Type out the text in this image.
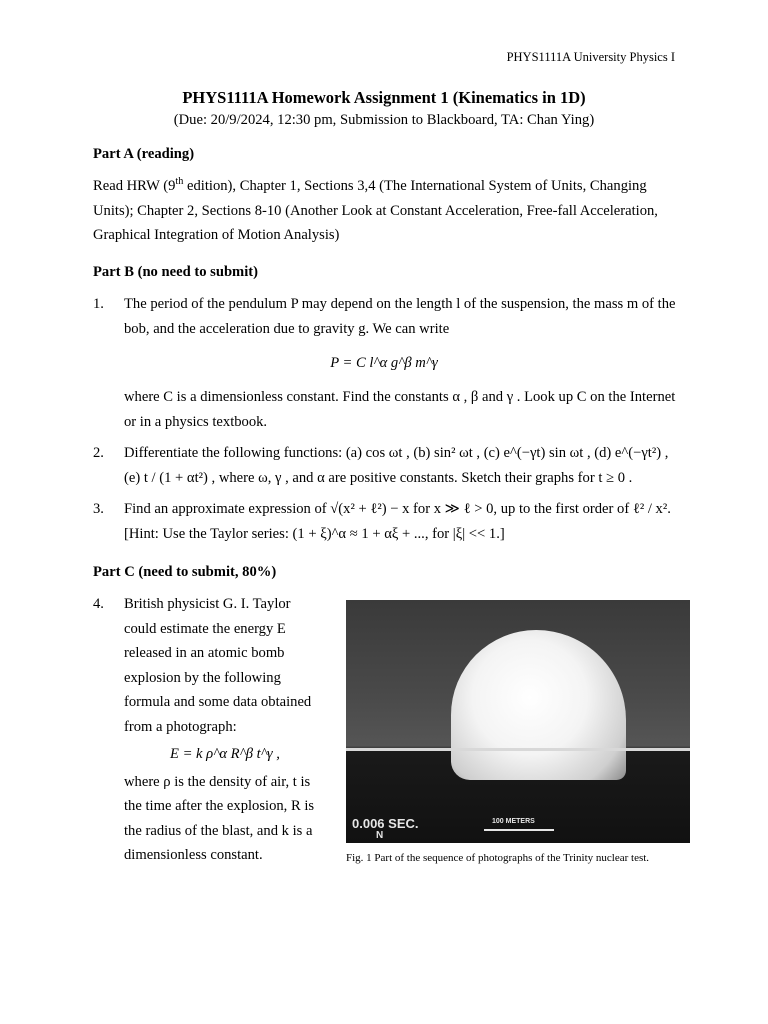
PHYS1111A University Physics I
PHYS1111A Homework Assignment 1 (Kinematics in 1D)
(Due: 20/9/2024, 12:30 pm, Submission to Blackboard, TA: Chan Ying)
Part A (reading)
Read HRW (9th edition), Chapter 1, Sections 3,4 (The International System of Units, Changing Units); Chapter 2, Sections 8-10 (Another Look at Constant Acceleration, Free-fall Acceleration, Graphical Integration of Motion Analysis)
Part B (no need to submit)
1. The period of the pendulum P may depend on the length l of the suspension, the mass m of the bob, and the acceleration due to gravity g. We can write
P = C l^α g^β m^γ
where C is a dimensionless constant. Find the constants α , β and γ . Look up C on the Internet or in a physics textbook.
2. Differentiate the following functions: (a) cos ωt , (b) sin² ωt , (c) e^(−γt) sin ωt , (d) e^(−γt²) , (e) t / (1 + αt²) , where ω, γ , and α are positive constants. Sketch their graphs for t ≥ 0 .
3. Find an approximate expression of √(x² + ℓ²) − x for x ≫ ℓ > 0, up to the first order of ℓ² / x². [Hint: Use the Taylor series: (1 + ξ)^α ≈ 1 + αξ + ..., for |ξ| << 1.]
Part C (need to submit, 80%)
4. British physicist G. I. Taylor
could estimate the energy E
released in an atomic bomb
explosion by the following
formula and some data obtained
from a photograph:
E = k ρ^α R^β t^γ ,
where ρ is the density of air, t is
the time after the explosion, R is
the radius of the blast, and k is a
dimensionless constant.
0.006 SEC.
N
100 METERS
Fig. 1 Part of the sequence of photographs of the Trinity nuclear test.
